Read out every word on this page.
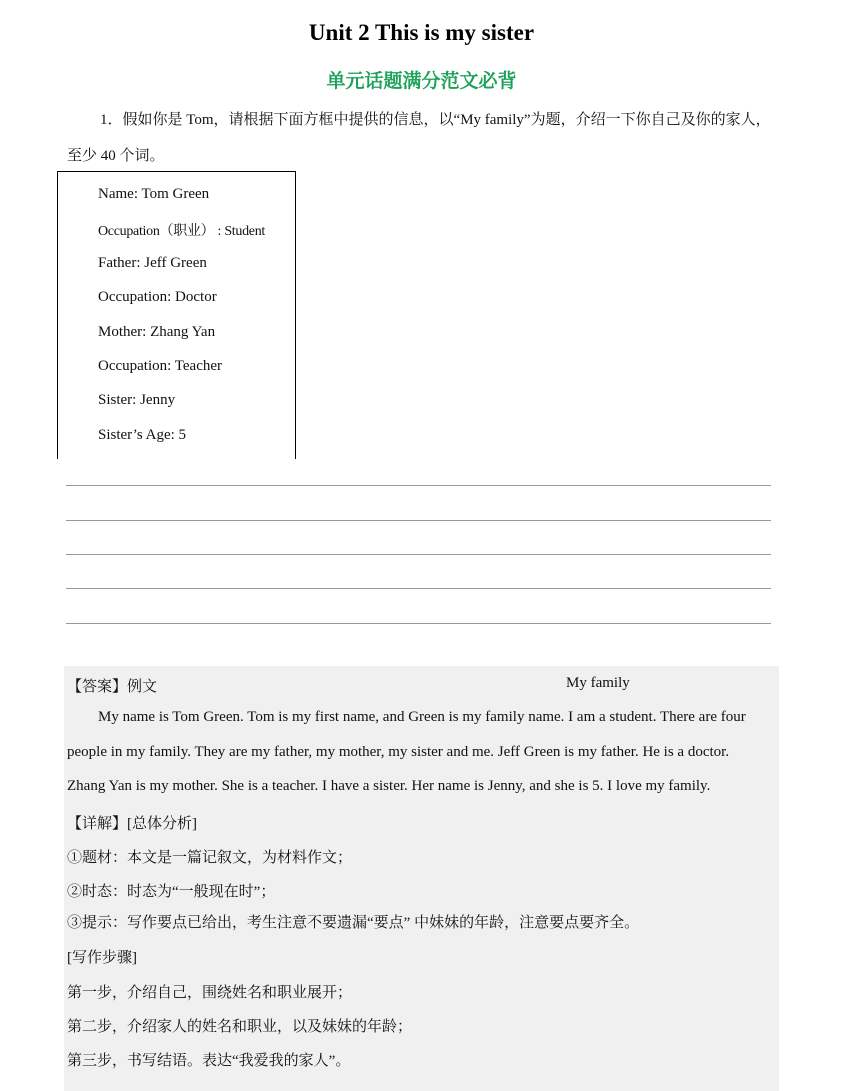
Unit 2 This is my sister
单元话题满分范文必背
1．假如你是 Tom，请根据下面方框中提供的信息，以“My family”为题，介绍一下你自己及你的家人，
至少 40 个词。
Name: Tom Green
Occupation（职业） : Student
Father: Jeff Green
Occupation: Doctor
Mother: Zhang Yan
Occupation: Teacher
Sister: Jenny
Sister’s Age: 5
【答案】例文	My family
My name is Tom Green. Tom is my first name, and Green is my family name. I am a student. There are four
people in my family. They are my father, my mother, my sister and me. Jeff Green is my father. He is a doctor.
Zhang Yan is my mother. She is a teacher. I have a sister. Her name is Jenny, and she is 5. I love my family.
【详解】[总体分析]
①题材：本文是一篇记叙文，为材料作文；
②时态：时态为“一般现在时”；
③提示：写作要点已给出，考生注意不要遗漏“要点” 中妹妹的年龄，注意要点要齐全。
[写作步骤]
第一步，介绍自己，围绕姓名和职业展开；
第二步，介绍家人的姓名和职业，以及妹妹的年龄；
第三步，书写结语。表达“我爱我的家人”。
